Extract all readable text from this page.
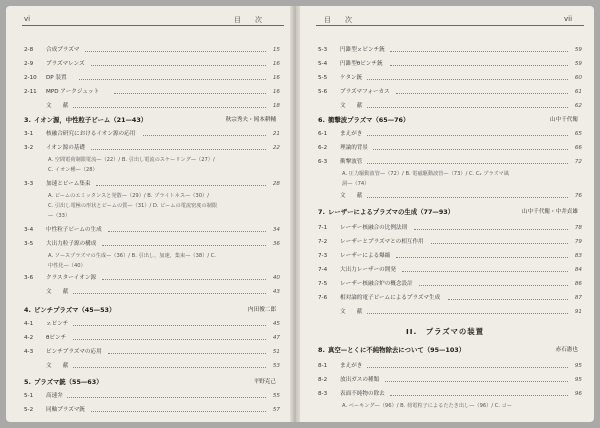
vi	目　　次
2-8 合成プラズマ	15
2-9 プラズマレンズ	16
2-10 DP 装置	16
2-11 MPD アークジェット	16
文　　献	18
3. イオン源，中性粒子ビーム（21—43）	秋宗秀夫・岡本耕輔
3-1 核融合研究におけるイオン源の応用	21
3-2 イオン源の基礎	22
A. 空間電荷制限電流—（22）/ B. 引出し電流のスケーリング—（27）/
C. イオン種—（28）
3-3 加速とビーム集束	28
A. ビームのエミッタンスと発散—（29）/ B. プライトネス—（30）/
C. 引出し電極の形状とビームの質—（31）/ D. ビームの電流密度の制限
—（33）
3-4 中性粒子ビームの生成	34
3-5 大出力粒子源の構成	36
A. ソースプラズマの生成—（36）/ B. 引出し，加速，集束—（38）/ C.
中性化—（40）
3-6 クラスターイオン源	40
文　　献	43
4. ピンチプラズマ（45—53）	内田俊二郎
4-1 ｚピンチ	45
4-2 θピンチ	47
4-3 ピンチプラズマの応用	51
文　　献	53
5. プラズマ銃（55—63）	平野克己
5-1 高速弁	55
5-2 同軸プラズマ銃	57
目　　次	vii
II.　プラズマの装置
5-3 円錐型ｚピンチ銃	59
5-4 円錐型θピンチ銃	59
5-5 ケタン銃	60
5-6 プラズマフォーカス	61
文　　献	62
6. 衝撃波プラズマ（65—76）	山中千代衛
6-1 まえがき	65
6-2 理論的背景	66
6-3 衝撃波管	72
A. 圧力駆動波管—（72）/ B. 電磁駆動波管—（73）/ C. C₂ プラズマ風
洞—（74）
文　　献	76
7. レーザーによるプラズマの生成（77—93）	山中千代衛・中井貞雄
7-1 レーザー核融合の比例法則	78
7-2 レーザーとプラズマとの相互作用	79
7-3 レーザーによる爆縮	83
7-4 大出力レーザーの開発	84
7-5 レーザー核融合炉の概念設計	86
7-6 相対論的電子ビームによるプラズマ生成	87
文　　献	91
8. 真空—とくに不純物除去について（95—103）	赤石憲也
8-1 まえがき	95
8-2 放出ガスの種類	95
8-3 表面不純物の除去	96
A. ベーキング—（96）/ B. 荷電粒子によるたたき出し—（96）/ C. コー
